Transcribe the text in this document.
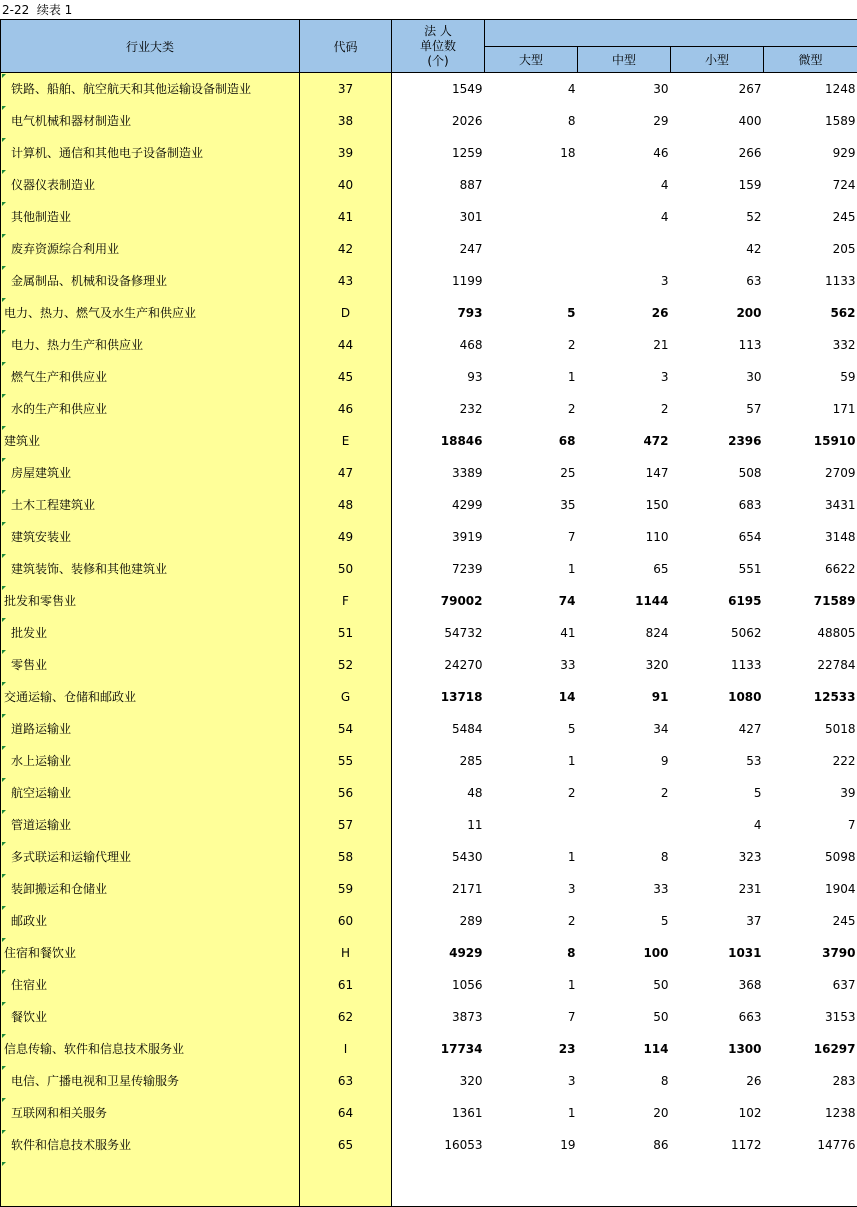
2-22  续表 1
行业大类	代码	法 人
单位数
(个)				

			大型	中型	小型	微型
铁路、船舶、航空航天和其他运输设备制造业	37	1549	4	30	267	1248
电气机械和器材制造业	38	2026	8	29	400	1589
计算机、通信和其他电子设备制造业	39	1259	18	46	266	929
仪器仪表制造业	40	887		4	159	724
其他制造业	41	301		4	52	245
废弃资源综合利用业	42	247			42	205
金属制品、机械和设备修理业	43	1199		3	63	1133
电力、热力、燃气及水生产和供应业	D	793	5	26	200	562
电力、热力生产和供应业	44	468	2	21	113	332
燃气生产和供应业	45	93	1	3	30	59
水的生产和供应业	46	232	2	2	57	171
建筑业	E	18846	68	472	2396	15910
房屋建筑业	47	3389	25	147	508	2709
土木工程建筑业	48	4299	35	150	683	3431
建筑安装业	49	3919	7	110	654	3148
建筑装饰、装修和其他建筑业	50	7239	1	65	551	6622
批发和零售业	F	79002	74	1144	6195	71589
批发业	51	54732	41	824	5062	48805
零售业	52	24270	33	320	1133	22784
交通运输、仓储和邮政业	G	13718	14	91	1080	12533
道路运输业	54	5484	5	34	427	5018
水上运输业	55	285	1	9	53	222
航空运输业	56	48	2	2	5	39
管道运输业	57	11			4	7
多式联运和运输代理业	58	5430	1	8	323	5098
装卸搬运和仓储业	59	2171	3	33	231	1904
邮政业	60	289	2	5	37	245
住宿和餐饮业	H	4929	8	100	1031	3790
住宿业	61	1056	1	50	368	637
餐饮业	62	3873	7	50	663	3153
信息传输、软件和信息技术服务业	I	17734	23	114	1300	16297
电信、广播电视和卫星传输服务	63	320	3	8	26	283
互联网和相关服务	64	1361	1	20	102	1238
软件和信息技术服务业	65	16053	19	86	1172	14776
